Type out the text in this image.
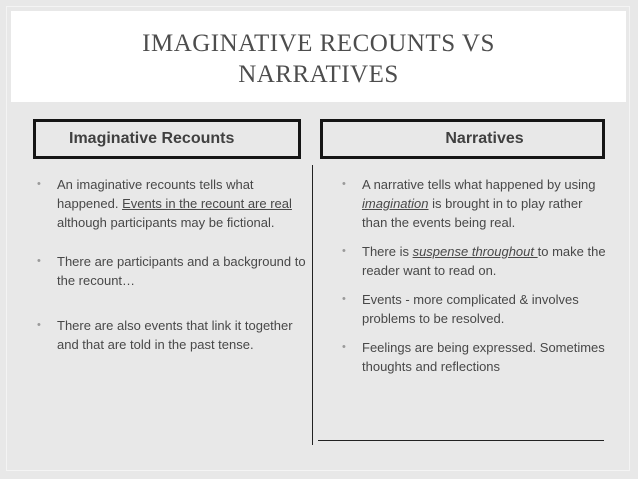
IMAGINATIVE RECOUNTS VS
NARRATIVES
Imaginative Recounts	Narratives
• An imaginative recounts tells what happened. Events in the recount are real although participants may be fictional.
• There are participants and a background to the recount…
• There are also events that link it together and that are told in the past tense.
• A narrative tells what happened by using imagination is brought in to play rather than the events being real.
• There is suspense throughout to make the reader want to read on.
• Events - more complicated & involves problems to be resolved.
• Feelings are being expressed. Sometimes thoughts and reflections
